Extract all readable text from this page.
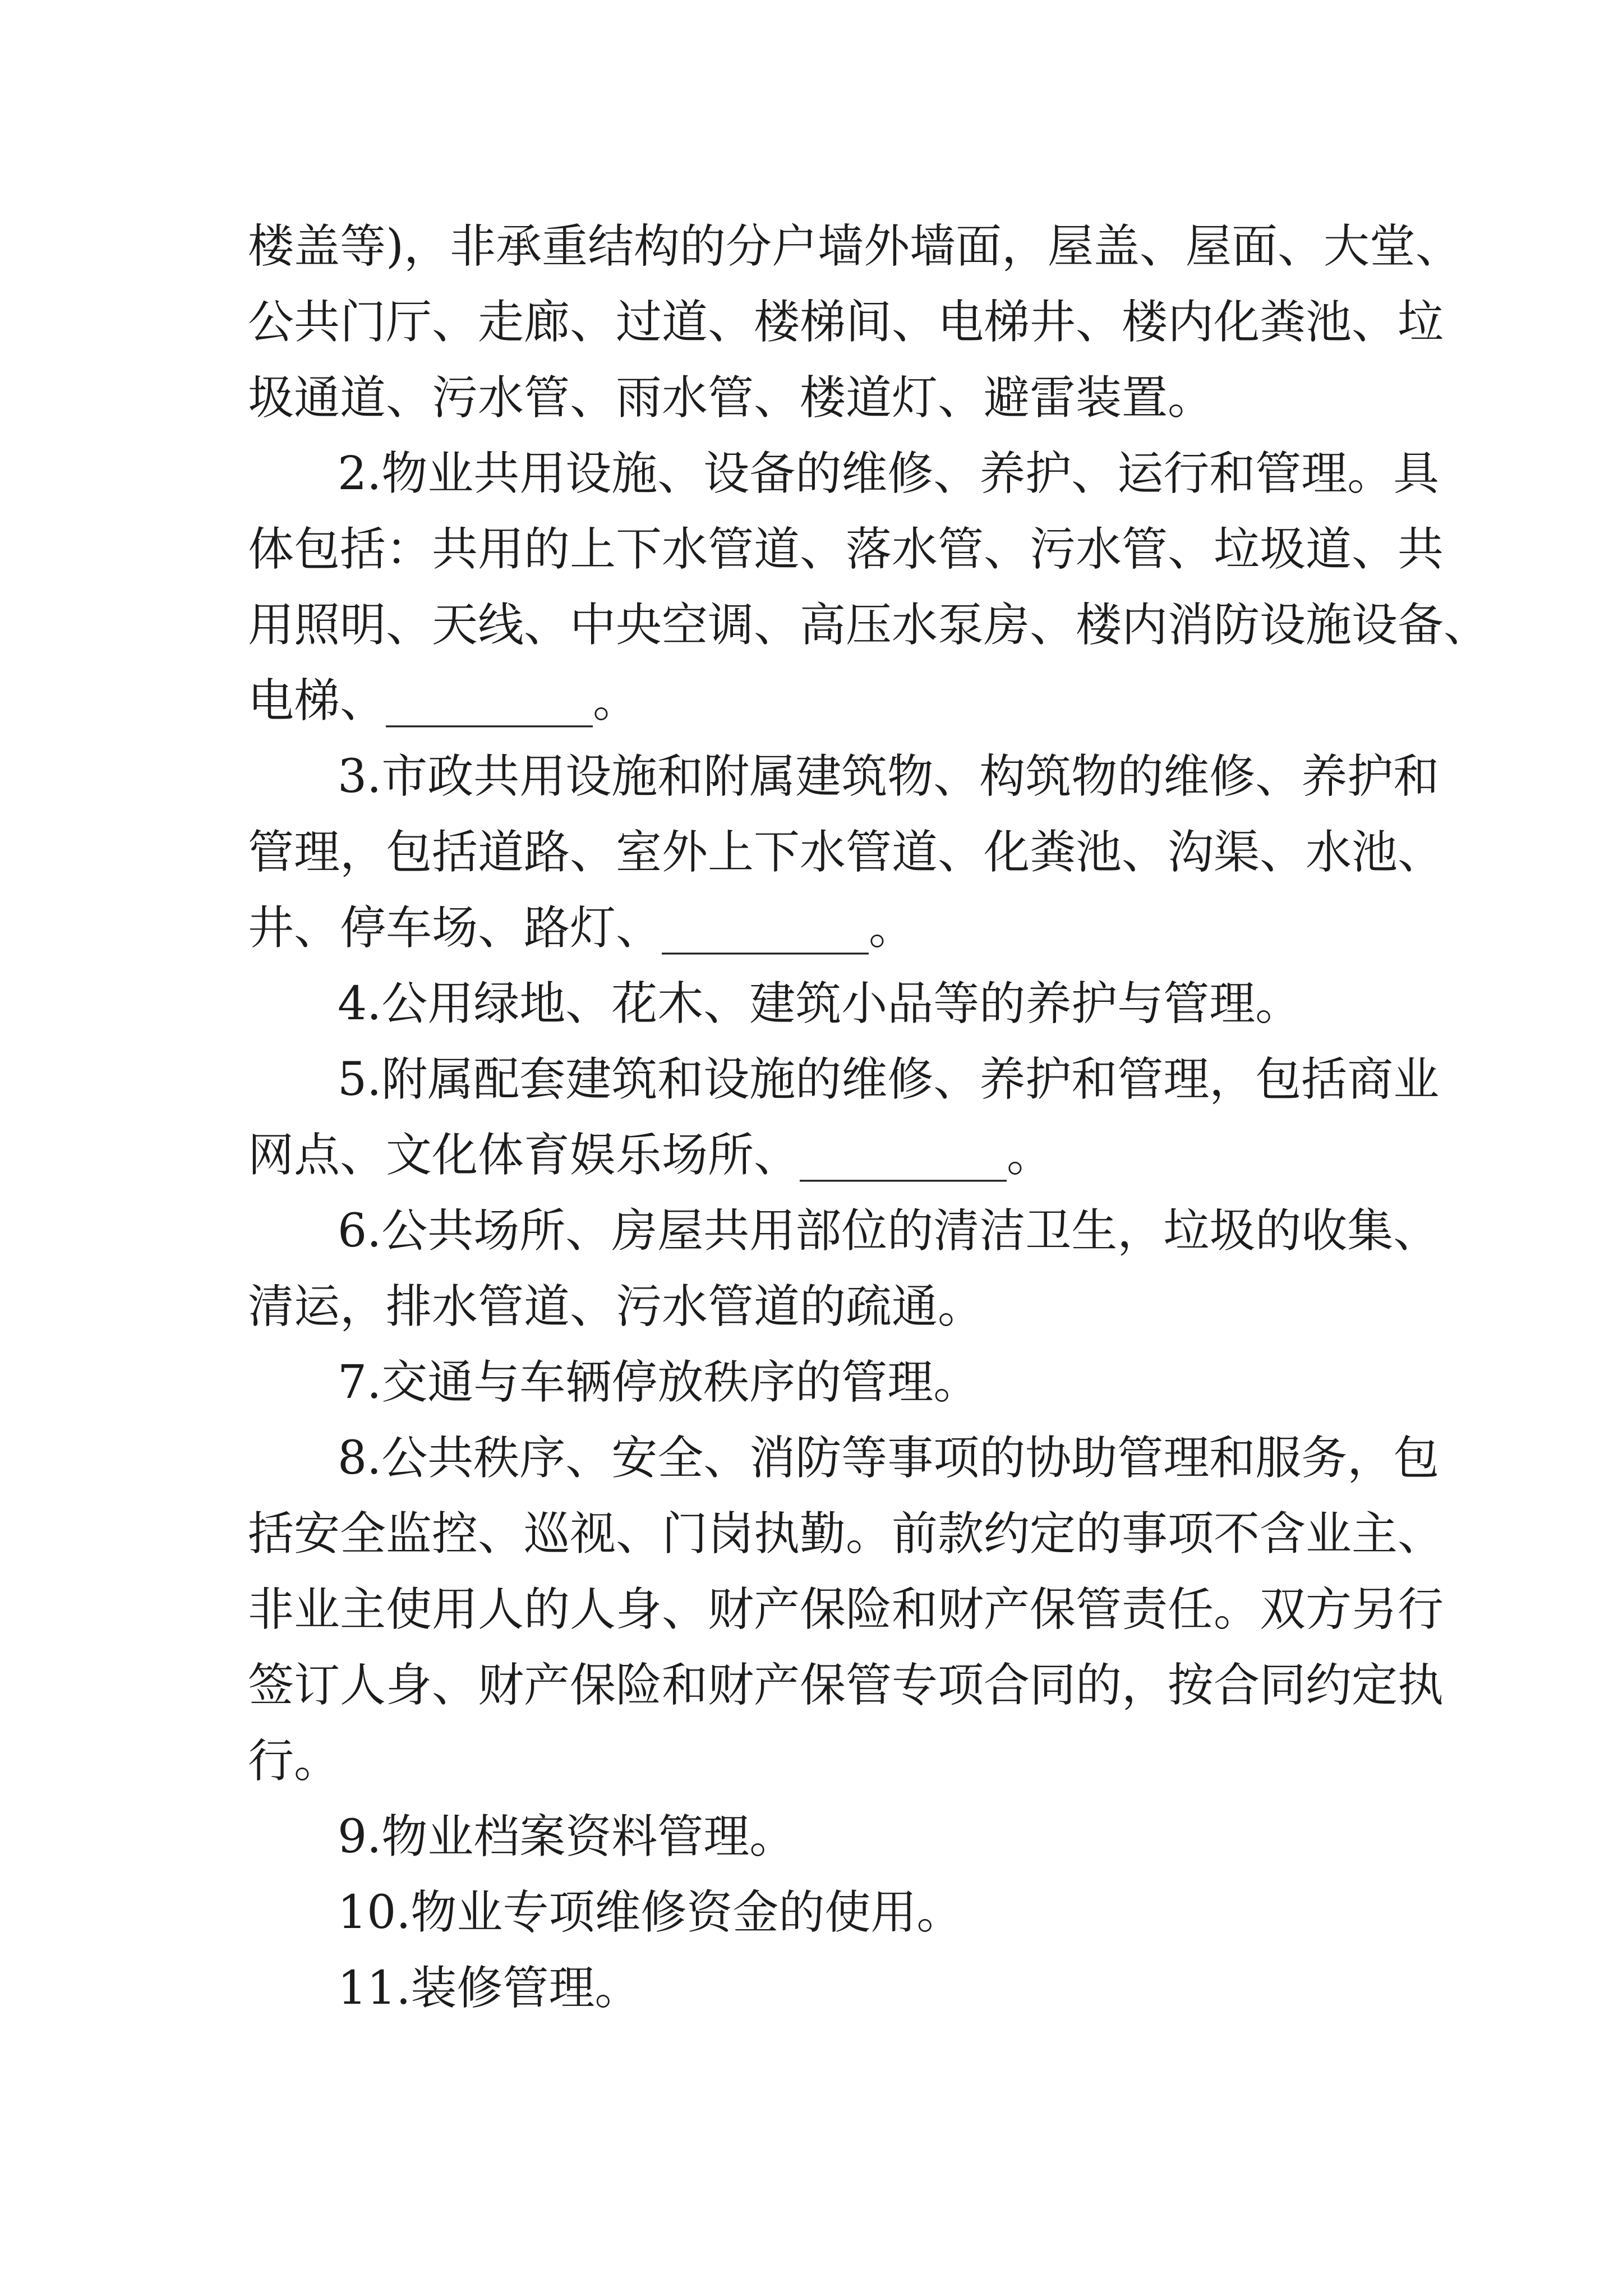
楼盖等)，非承重结构的分户墙外墙面，屋盖、屋面、大堂、
公共门厅、走廊、过道、楼梯间、电梯井、楼内化粪池、垃
圾通道、污水管、雨水管、楼道灯、避雷装置。
2.物业共用设施、设备的维修、养护、运行和管理。具
体包括：共用的上下水管道、落水管、污水管、垃圾道、共
用照明、天线、中央空调、高压水泵房、楼内消防设施设备、
电梯、_________。
3.市政共用设施和附属建筑物、构筑物的维修、养护和
管理，包括道路、室外上下水管道、化粪池、沟渠、水池、
井、停车场、路灯、_________。
4.公用绿地、花木、建筑小品等的养护与管理。
5.附属配套建筑和设施的维修、养护和管理，包括商业
网点、文化体育娱乐场所、_________。
6.公共场所、房屋共用部位的清洁卫生，垃圾的收集、
清运，排水管道、污水管道的疏通。
7.交通与车辆停放秩序的管理。
8.公共秩序、安全、消防等事项的协助管理和服务，包
括安全监控、巡视、门岗执勤。前款约定的事项不含业主、
非业主使用人的人身、财产保险和财产保管责任。双方另行
签订人身、财产保险和财产保管专项合同的，按合同约定执
行。
9.物业档案资料管理。
10.物业专项维修资金的使用。
11.装修管理。
